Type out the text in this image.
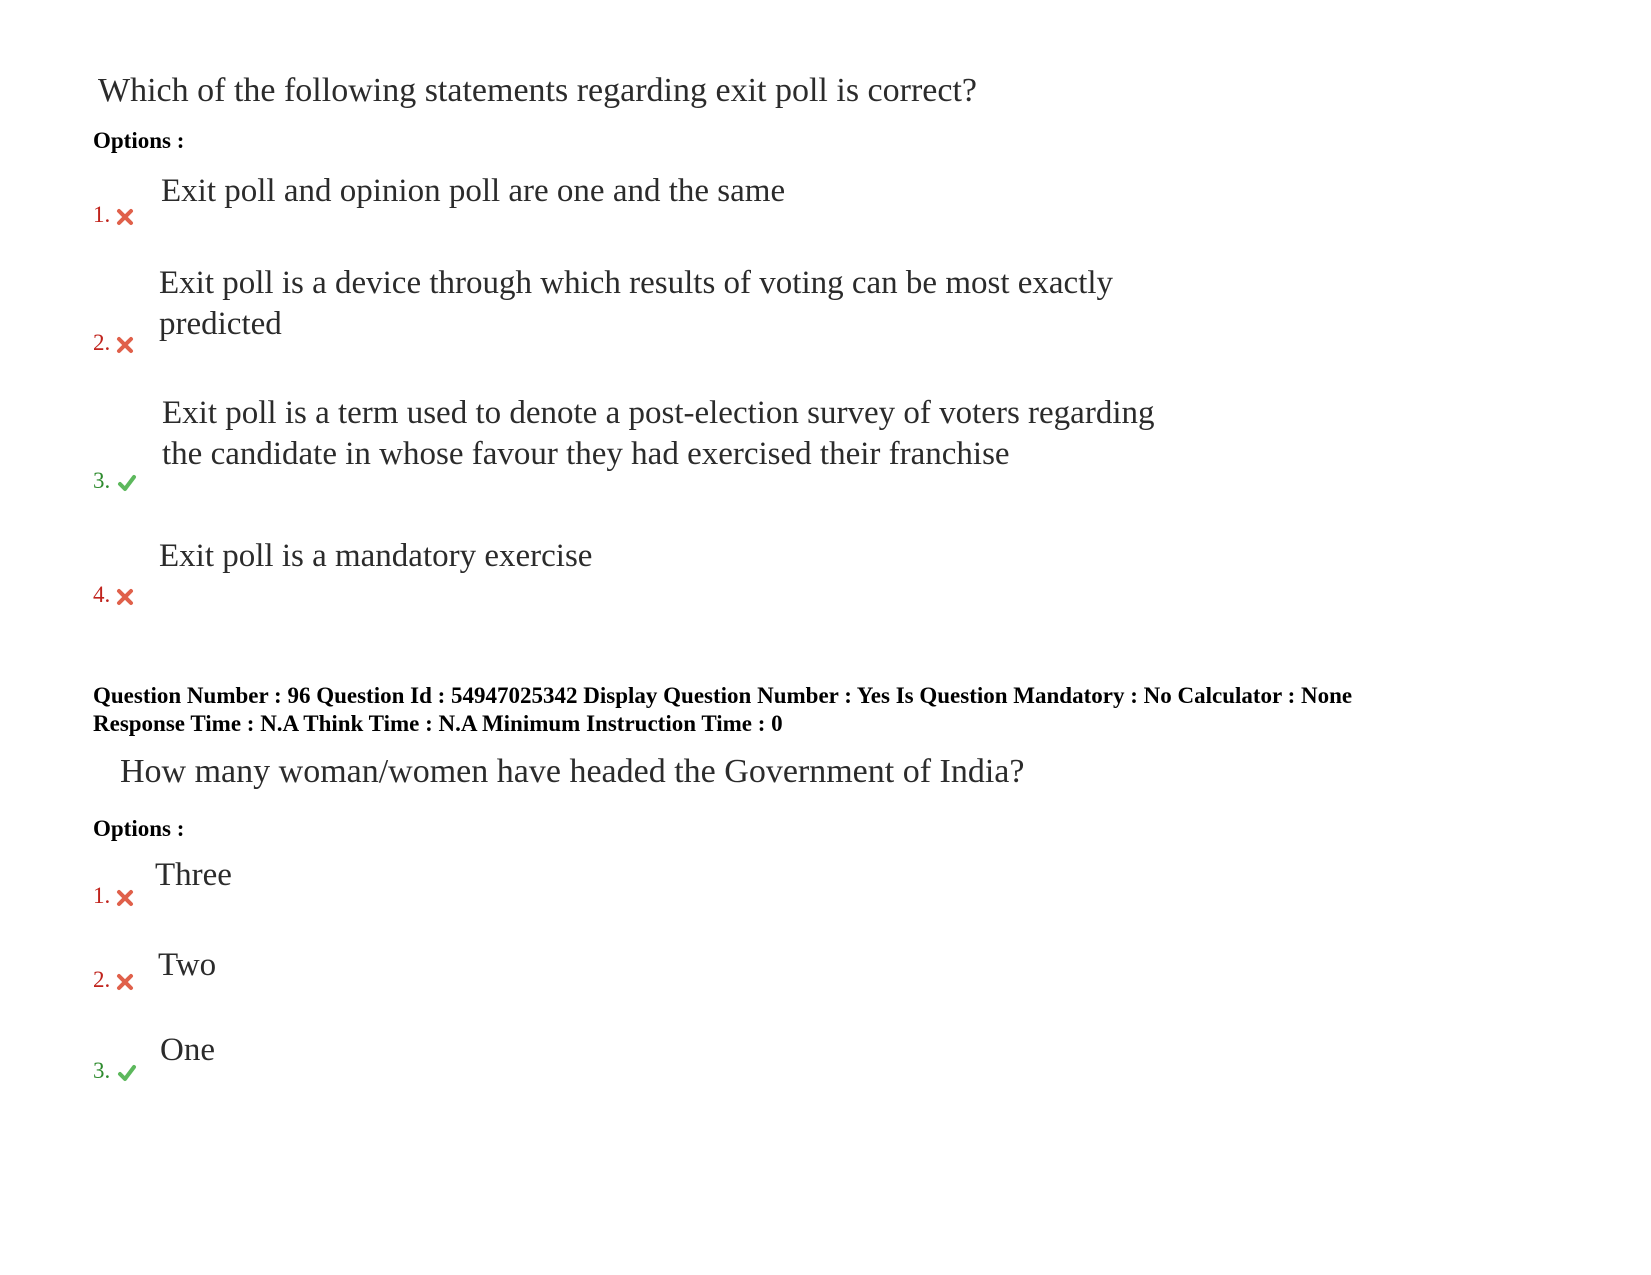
Which of the following statements regarding exit poll is correct?
Options :
Exit poll and opinion poll are one and the same
1.
Exit poll is a device through which results of voting can be most exactly
predicted
2.
Exit poll is a term used to denote a post-election survey of voters regarding
the candidate in whose favour they had exercised their franchise
3.
Exit poll is a mandatory exercise
4.
Question Number : 96 Question Id : 54947025342 Display Question Number : Yes Is Question Mandatory : No Calculator : None
Response Time : N.A Think Time : N.A Minimum Instruction Time : 0
How many woman/women have headed the Government of India?
Options :
Three
1.
Two
2.
One
3.
